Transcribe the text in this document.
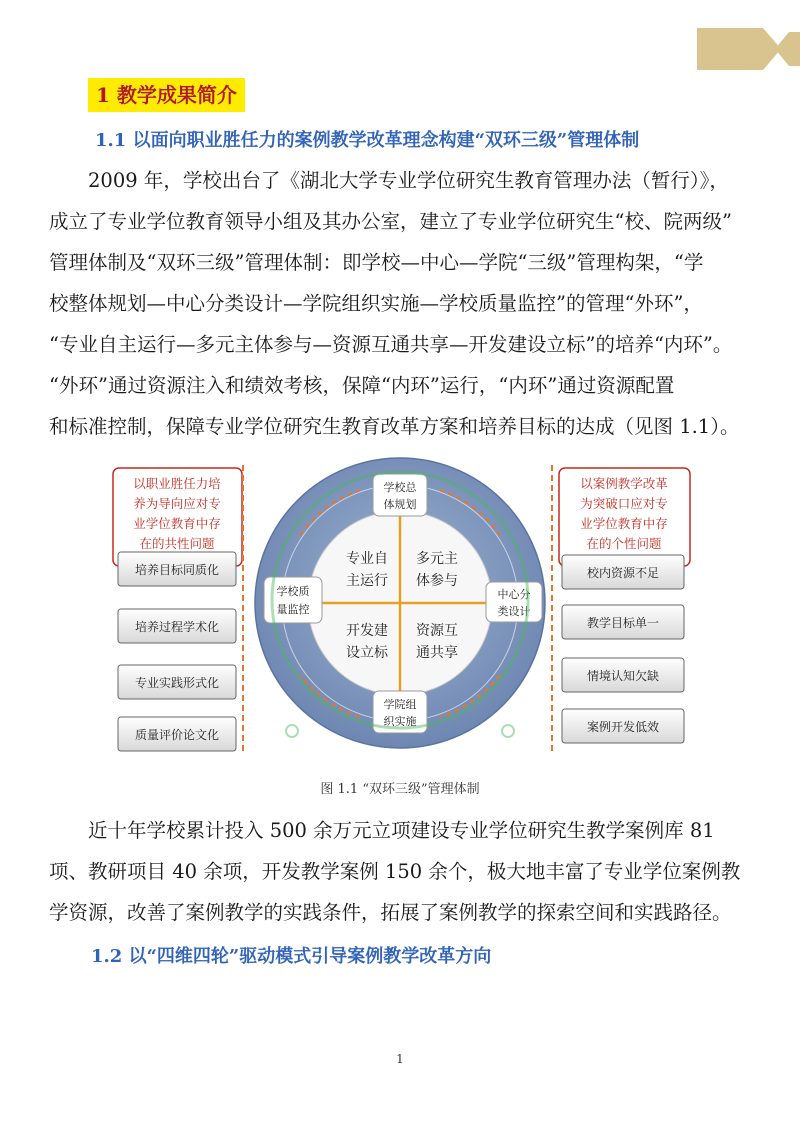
1 教学成果简介
1.1 以面向职业胜任力的案例教学改革理念构建“双环三级”管理体制

2009 年，学校出台了《湖北大学专业学位研究生教育管理办法（暂行）》，

成立了专业学位教育领导小组及其办公室，建立了专业学位研究生“校、院两级”

管理体制及“双环三级”管理体制：即学校—中心—学院“三级”管理构架，“学

校整体规划—中心分类设计—学院组织实施—学校质量监控”的管理“外环”，

“专业自主运行—多元主体参与—资源互通共享—开发建设立标”的培养“内环”。

“外环”通过资源注入和绩效考核，保障“内环”运行，“内环”通过资源配置

和标准控制，保障专业学位研究生教育改革方案和培养目标的达成（见图 1.1）。

以职业胜任力培
养为导向应对专
业学位教育中存
在的共性问题
以案例教学改革
为突破口应对专
业学位教育中存
在的个性问题
培养目标同质化
培养过程学术化
专业实践形式化
质量评价论文化
校内资源不足
教学目标单一
情境认知欠缺
案例开发低效
专业自
主运行
多元主
体参与
开发建
设立标
资源互
通共享
学校总
体规划
中心分
类设计
学院组
织实施
学校质
量监控
图 1.1 “双环三级”管理体制

近十年学校累计投入 500 余万元立项建设专业学位研究生教学案例库 81

项、教研项目 40 余项，开发教学案例 150 余个，极大地丰富了专业学位案例教

学资源，改善了案例教学的实践条件，拓展了案例教学的探索空间和实践路径。

1.2 以“四维四轮”驱动模式引导案例教学改革方向
1
